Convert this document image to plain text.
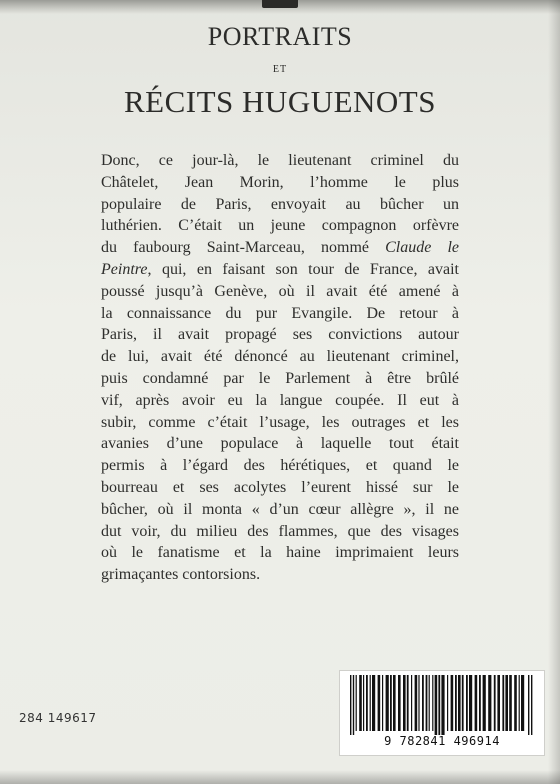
PORTRAITS
ET
RÉCITS HUGUENOTS
Donc, ce jour-là, le lieutenant criminel du
Châtelet, Jean Morin, l’homme le plus
populaire de Paris, envoyait au bûcher un
luthérien. C’était un jeune compagnon orfèvre
du faubourg Saint-Marceau, nommé Claude le
Peintre, qui, en faisant son tour de France, avait
poussé jusqu’à Genève, où il avait été amené à
la connaissance du pur Evangile. De retour à
Paris, il avait propagé ses convictions autour
de lui, avait été dénoncé au lieutenant criminel,
puis condamné par le Parlement à être brûlé
vif, après avoir eu la langue coupée. Il eut à
subir, comme c’était l’usage, les outrages et les
avanies d’une populace à laquelle tout était
permis à l’égard des hérétiques, et quand le
bourreau et ses acolytes l’eurent hissé sur le
bûcher, où il monta « d’un cœur allègre », il ne
dut voir, du milieu des flammes, que des visages
où le fanatisme et la haine imprimaient leurs
grimaçantes contorsions.
284 149617
9 782841 496914
